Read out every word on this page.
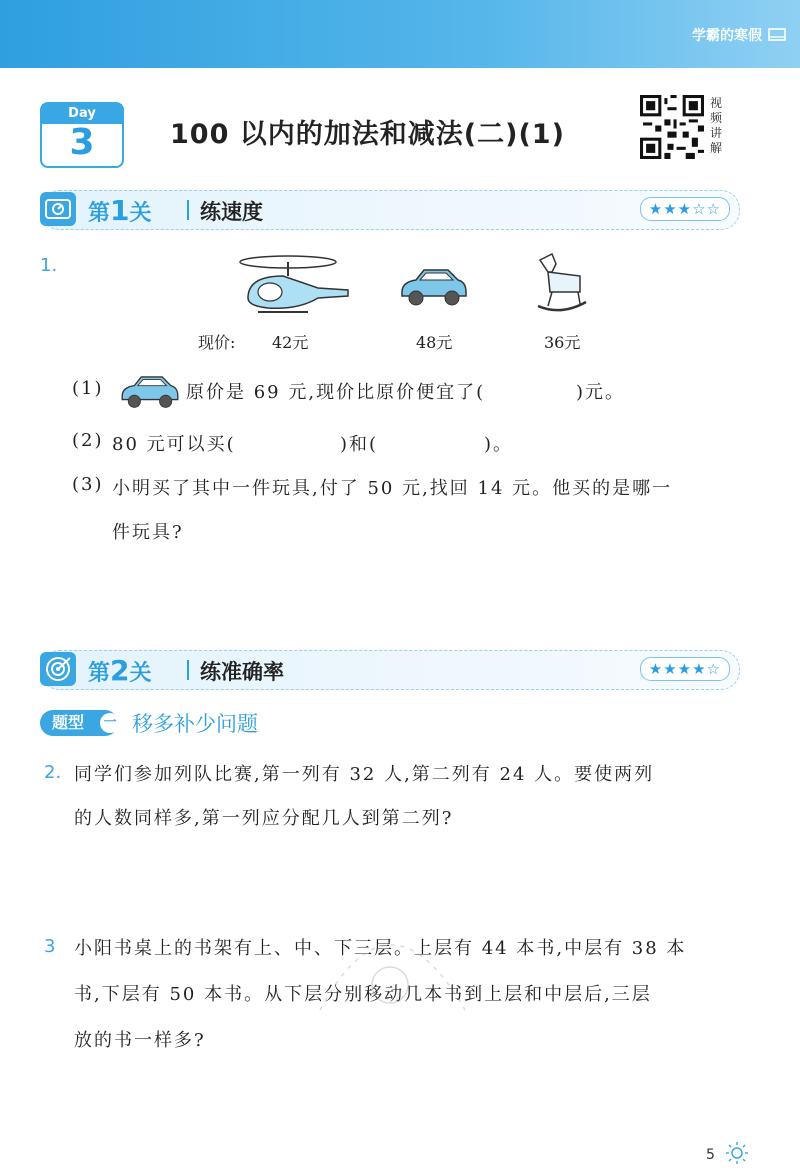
学霸的寒假
Day
3	100 以内的加法和减法(二)(1)
视频讲解
第1关 练速度	★★★☆☆
1.
现价: 42元	48元	36元
(1)	原价是 69 元,现价比原价便宜了(	)元。
(2) 80 元可以买(	)和(	)。
(3) 小明买了其中一件玩具,付了 50 元,找回 14 元。他买的是哪一
件玩具?
第2关 练准确率	★★★★☆
题型	一 移多补少问题
2. 同学们参加列队比赛,第一列有 32 人,第二列有 24 人。要使两列
的人数同样多,第一列应分配几人到第二列?
3 小阳书桌上的书架有上、中、下三层。上层有 44 本书,中层有 38 本
书,下层有 50 本书。从下层分别移动几本书到上层和中层后,三层
放的书一样多?
5
